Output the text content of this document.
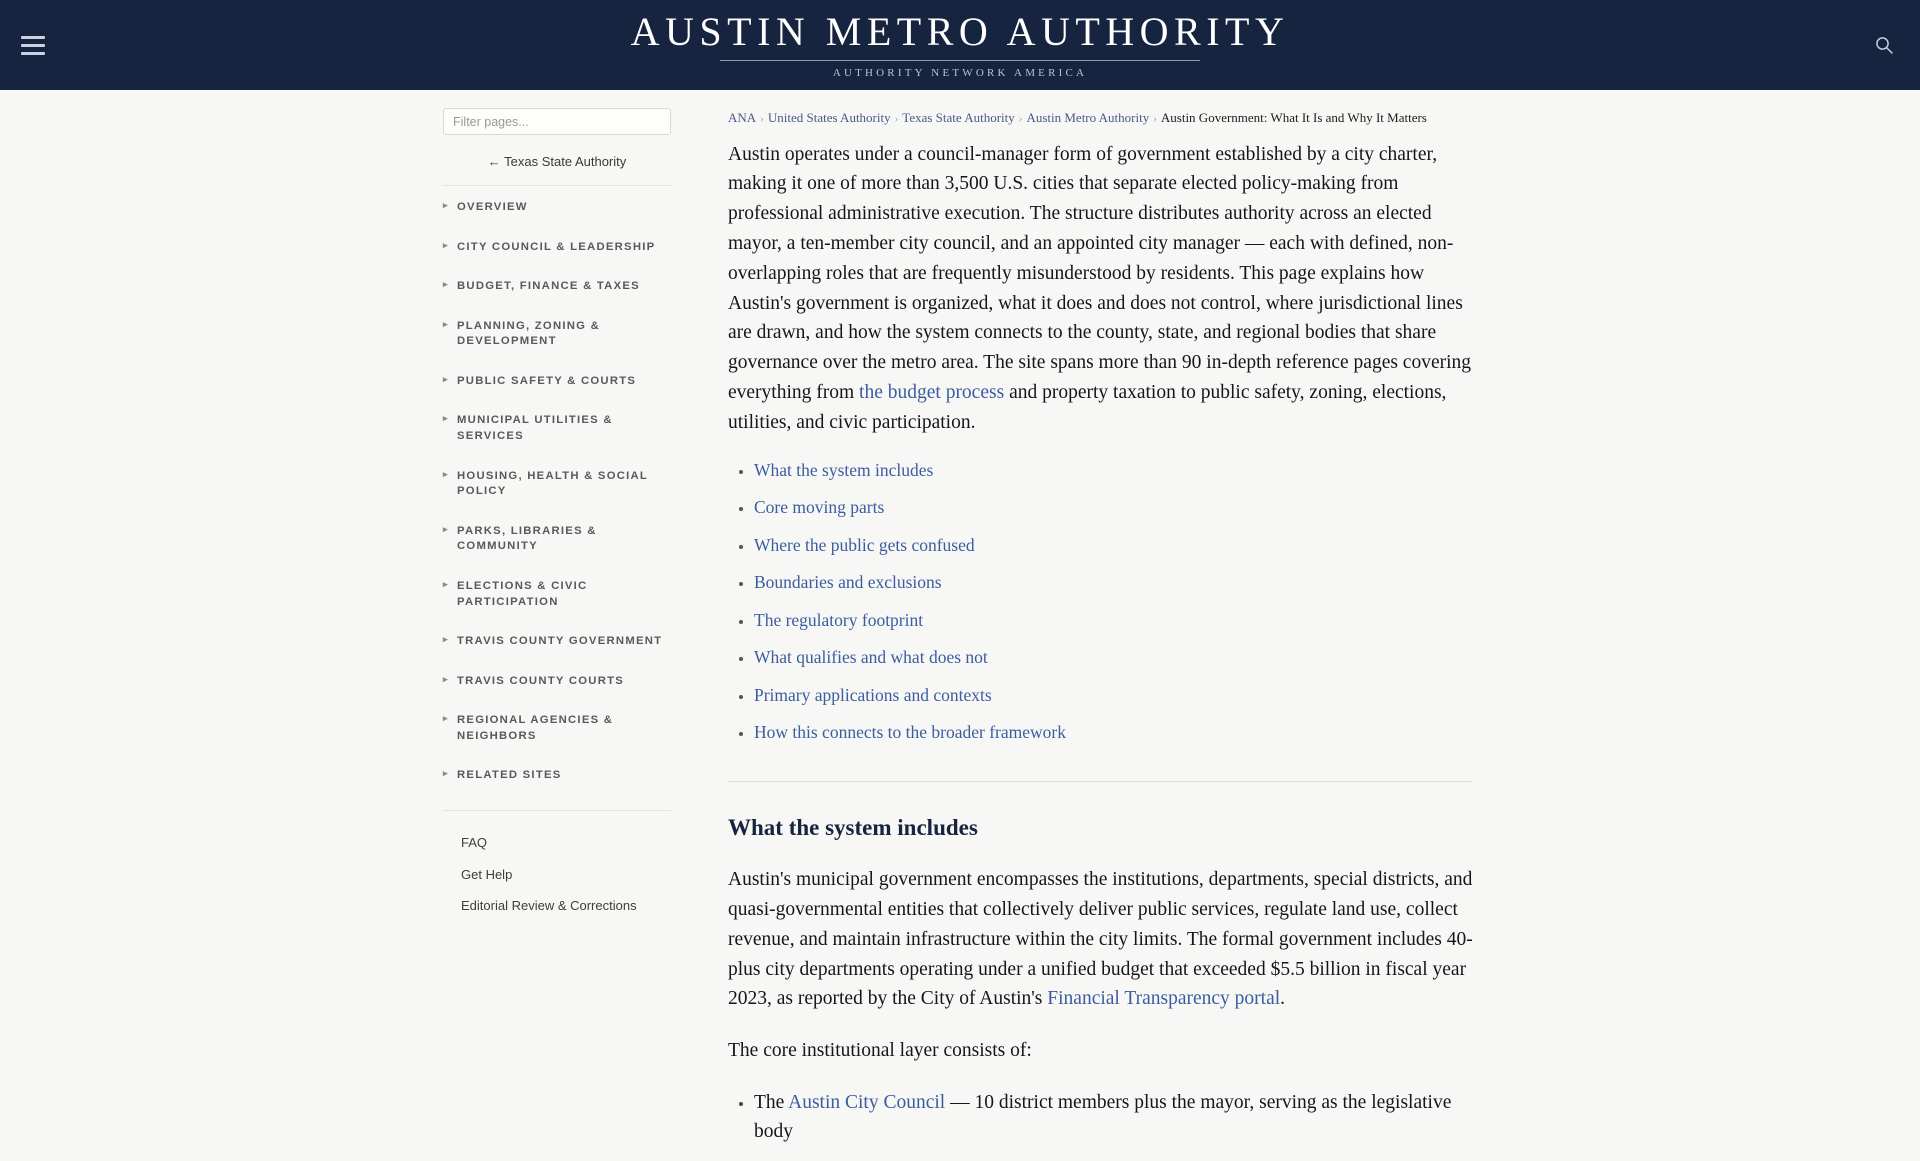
AUSTIN METRO AUTHORITY
AUTHORITY NETWORK AMERICA
Filter pages...
← Texas State Authority
▸ OVERVIEW
▸ CITY COUNCIL & LEADERSHIP
▸ BUDGET, FINANCE & TAXES
▸ PLANNING, ZONING & DEVELOPMENT
▸ PUBLIC SAFETY & COURTS
▸ MUNICIPAL UTILITIES & SERVICES
▸ HOUSING, HEALTH & SOCIAL POLICY
▸ PARKS, LIBRARIES & COMMUNITY
▸ ELECTIONS & CIVIC PARTICIPATION
▸ TRAVIS COUNTY GOVERNMENT
▸ TRAVIS COUNTY COURTS
▸ REGIONAL AGENCIES & NEIGHBORS
▸ RELATED SITES
FAQ
Get Help
Editorial Review & Corrections
ANA › United States Authority › Texas State Authority › Austin Metro Authority › Austin Government: What It Is and Why It Matters

Austin operates under a council-manager form of government established by a city charter, making it one of more than 3,500 U.S. cities that separate elected policy-making from professional administrative execution. The structure distributes authority across an elected mayor, a ten-member city council, and an appointed city manager — each with defined, non-overlapping roles that are frequently misunderstood by residents. This page explains how Austin's government is organized, what it does and does not control, where jurisdictional lines are drawn, and how the system connects to the county, state, and regional bodies that share governance over the metro area. The site spans more than 90 in-depth reference pages covering everything from the budget process and property taxation to public safety, zoning, elections, utilities, and civic participation.

• What the system includes
• Core moving parts
• Where the public gets confused
• Boundaries and exclusions
• The regulatory footprint
• What qualifies and what does not
• Primary applications and contexts
• How this connects to the broader framework
What the system includes

Austin's municipal government encompasses the institutions, departments, special districts, and quasi-governmental entities that collectively deliver public services, regulate land use, collect revenue, and maintain infrastructure within the city limits. The formal government includes 40-plus city departments operating under a unified budget that exceeded $5.5 billion in fiscal year 2023, as reported by the City of Austin's Financial Transparency portal.

The core institutional layer consists of:

• The Austin City Council — 10 district members plus the mayor, serving as the legislative body
